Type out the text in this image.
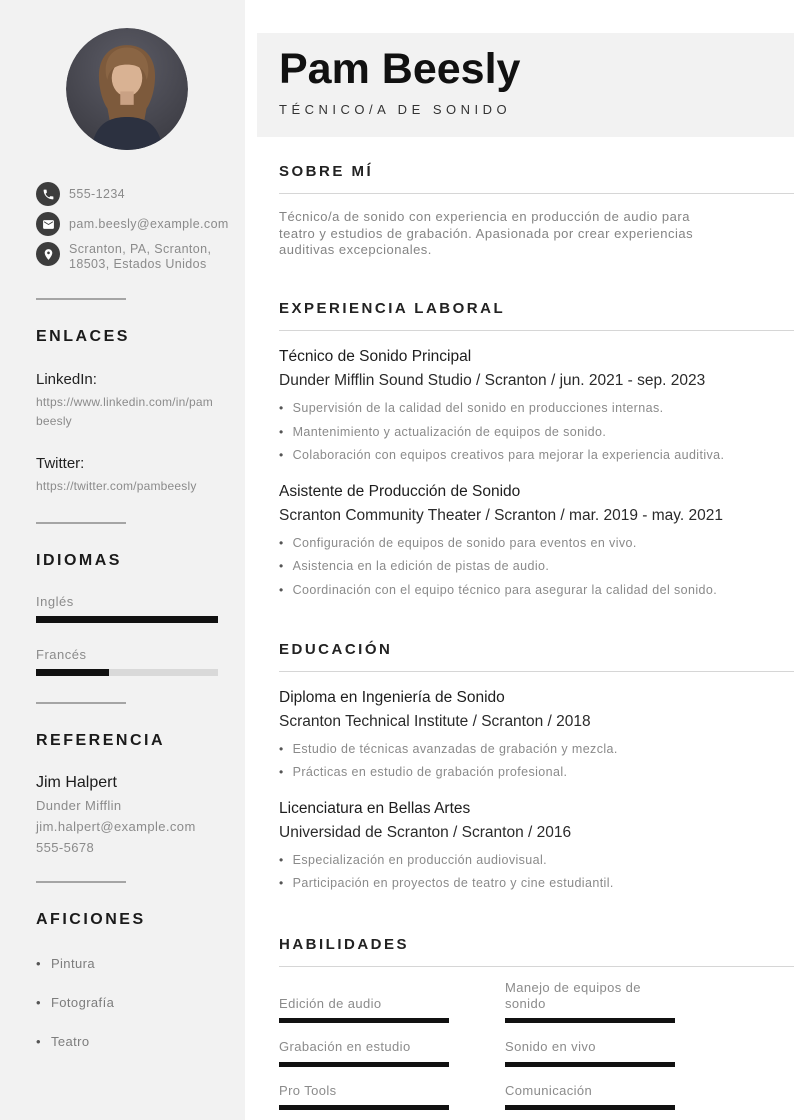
555-1234
pam.beesly@example.com
Scranton, PA, Scranton,
18503, Estados Unidos
ENLACES
LinkedIn:
https://www.linkedin.com/in/pambeesly
Twitter:
https://twitter.com/pambeesly
IDIOMAS
Inglés
Francés
REFERENCIA
Jim Halpert
Dunder Mifflin
jim.halpert@example.com
555-5678
AFICIONES
• Pintura
• Fotografía
• Teatro
Pam Beesly
TÉCNICO/A DE SONIDO
SOBRE MÍ

Técnico/a de sonido con experiencia en producción de audio para teatro y estudios de grabación. Apasionada por crear experiencias auditivas excepcionales.

EXPERIENCIA LABORAL
Técnico de Sonido Principal
Dunder Mifflin Sound Studio / Scranton / jun. 2021 - sep. 2023
• Supervisión de la calidad del sonido en producciones internas.
• Mantenimiento y actualización de equipos de sonido.
• Colaboración con equipos creativos para mejorar la experiencia auditiva.
Asistente de Producción de Sonido
Scranton Community Theater / Scranton / mar. 2019 - may. 2021
• Configuración de equipos de sonido para eventos en vivo.
• Asistencia en la edición de pistas de audio.
• Coordinación con el equipo técnico para asegurar la calidad del sonido.
EDUCACIÓN
Diploma en Ingeniería de Sonido
Scranton Technical Institute / Scranton / 2018
• Estudio de técnicas avanzadas de grabación y mezcla.
• Prácticas en estudio de grabación profesional.
Licenciatura en Bellas Artes
Universidad de Scranton / Scranton / 2016
• Especialización en producción audiovisual.
• Participación en proyectos de teatro y cine estudiantil.
HABILIDADES
Edición de audio
Manejo de equipos de sonido
Grabación en estudio	Sonido en vivo
Pro Tools	Comunicación
